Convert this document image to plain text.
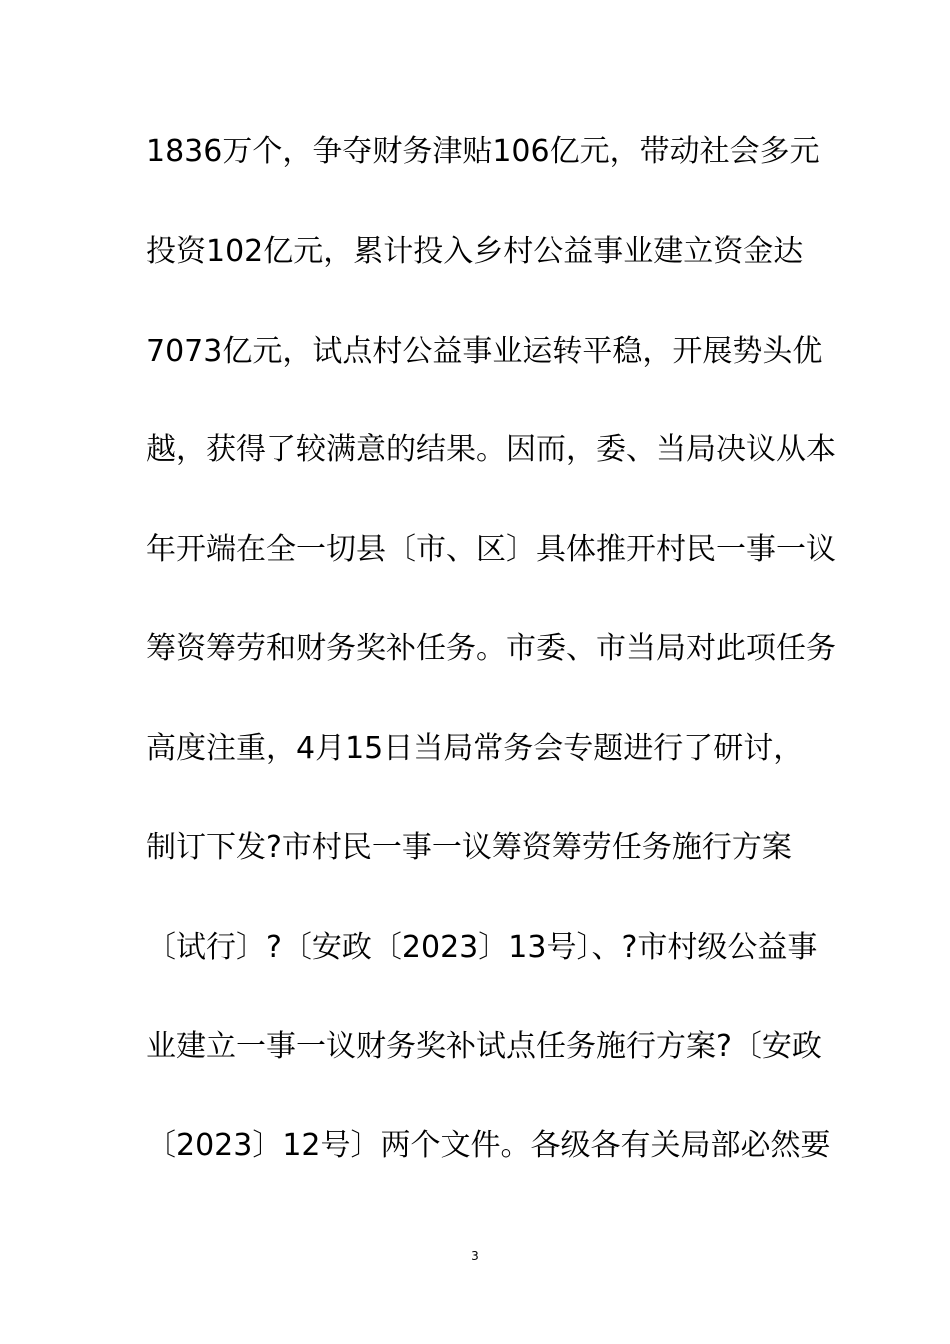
1836万个，争夺财务津贴106亿元，带动社会多元
投资102亿元，累计投入乡村公益事业建立资金达
7073亿元，试点村公益事业运转平稳，开展势头优
越，获得了较满意的结果。因而，委、当局决议从本
年开端在全一切县〔市、区〕具体推开村民一事一议
筹资筹劳和财务奖补任务。市委、市当局对此项任务
高度注重，4月15日当局常务会专题进行了研讨，
制订下发?市村民一事一议筹资筹劳任务施行方案
〔试行〕?〔安政〔2023〕13号〕、?市村级公益事
业建立一事一议财务奖补试点任务施行方案?〔安政
〔2023〕12号〕两个文件。各级各有关局部必然要
3
